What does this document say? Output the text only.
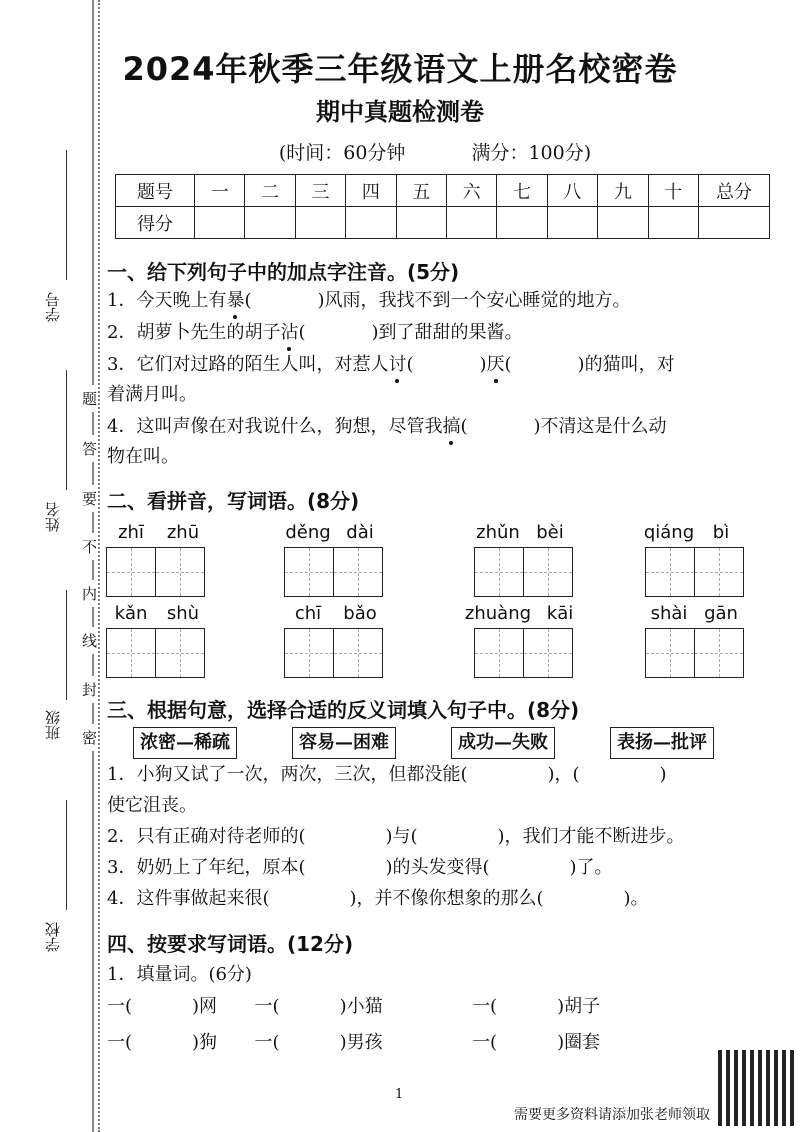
学号
姓名
班级
学校
题
答
要
不
内
线
封
密
2024年秋季三年级语文上册名校密卷
期中真题检测卷
(时间：60分钟	满分：100分)
题号	一	二	三	四	五	六	七	八	九	十	总分
得分											
一、给下列句子中的加点字注音。(5分)
1．今天晚上有暴(	)风雨，我找不到一个安心睡觉的地方。
2．胡萝卜先生的胡子沾(	)到了甜甜的果酱。
3．它们对过路的陌生人叫，对惹人讨(	)厌(	)的猫叫，对
着满月叫。
4．这叫声像在对我说什么，狗想，尽管我搞(	)不清这是什么动
物在叫。
二、看拼音，写词语。(8分)
zhī zhū	děng dài	zhǔn bèi	qiáng bì
kǎn shù	chī bǎo	zhuàng kāi	shài gān
三、根据句意，选择合适的反义词填入句子中。(8分)
浓密—稀疏	容易—困难	成功—失败	表扬—批评
1．小狗又试了一次，两次，三次，但都没能(	)，(	)
使它沮丧。
2．只有正确对待老师的(	)与(	)，我们才能不断进步。
3．奶奶上了年纪，原本(	)的头发变得(	)了。
4．这件事做起来很(	)，并不像你想象的那么(	)。
四、按要求写词语。(12分)
1．填量词。(6分)
一(	)网 一(	)小猫	一(	)胡子
一(	)狗 一(	)男孩	一(	)圈套
1
需要更多资料请添加张老师领取
